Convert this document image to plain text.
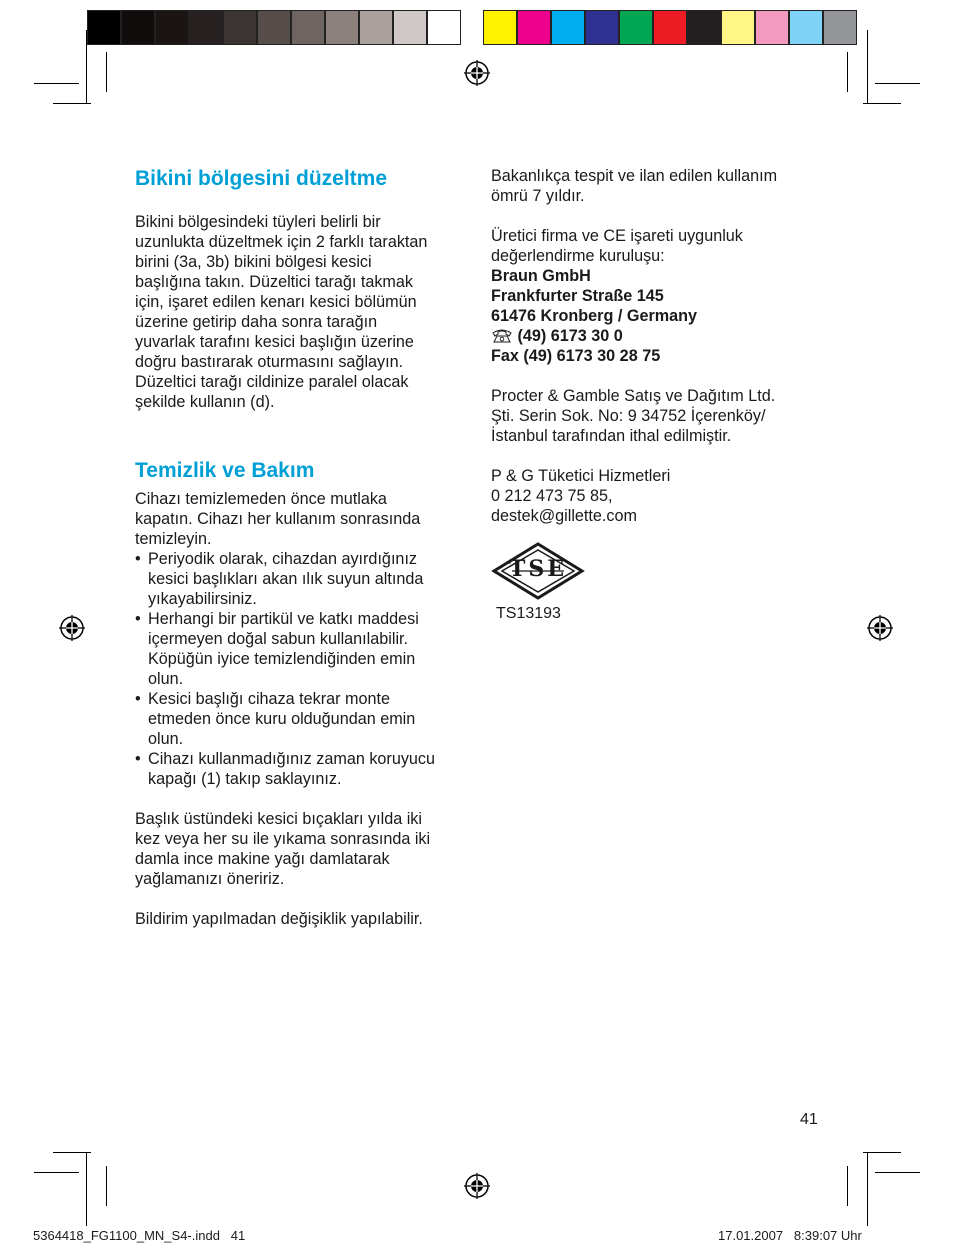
Bikini bölgesini düzeltme
Bikini bölgesindeki tüyleri belirli bir
uzunlukta düzeltmek için 2 farklı taraktan
birini (3a, 3b) bikini bölgesi kesici
başlığına takın. Düzeltici tarağı takmak
için, işaret edilen kenarı kesici bölümün
üzerine getirip daha sonra tarağın
yuvarlak tarafını kesici başlığın üzerine
doğru bastırarak oturmasını sağlayın.
Düzeltici tarağı cildinize paralel olacak
şekilde kullanın (d).
Temizlik ve Bakım
Cihazı temizlemeden önce mutlaka
kapatın. Cihazı her kullanım sonrasında
temizleyin.
• Periyodik olarak, cihazdan ayırdığınız
kesici başlıkları akan ılık suyun altında
yıkayabilirsiniz.
• Herhangi bir partikül ve katkı maddesi
içermeyen doğal sabun kullanılabilir.
Köpüğün iyice temizlendiğinden emin
olun.
• Kesici başlığı cihaza tekrar monte
etmeden önce kuru olduğundan emin
olun.
• Cihazı kullanmadığınız zaman koruyucu
kapağı (1) takıp saklayınız.
Başlık üstündeki kesici bıçakları yılda iki
kez veya her su ile yıkama sonrasında iki
damla ince makine yağı damlatarak
yağlamanızı öneririz.
Bildirim yapılmadan değişiklik yapılabilir.
Bakanlıkça tespit ve ilan edilen kullanım
ömrü 7 yıldır.
Üretici firma ve CE işareti uygunluk
değerlendirme kuruluşu:
Braun GmbH
Frankfurter Straße 145
61476 Kronberg / Germany
(49) 6173 30 0
Fax (49) 6173 30 28 75
Procter & Gamble Satış ve Dağıtım Ltd.
Şti. Serin Sok. No: 9 34752 İçerenköy/
İstanbul tarafından ithal edilmiştir.
P & G Tüketici Hizmetleri
0 212 473 75 85,
destek@gillette.com
TSE
TS13193
41
5364418_FG1100_MN_S4-.indd   41	17.01.2007   8:39:07 Uhr
